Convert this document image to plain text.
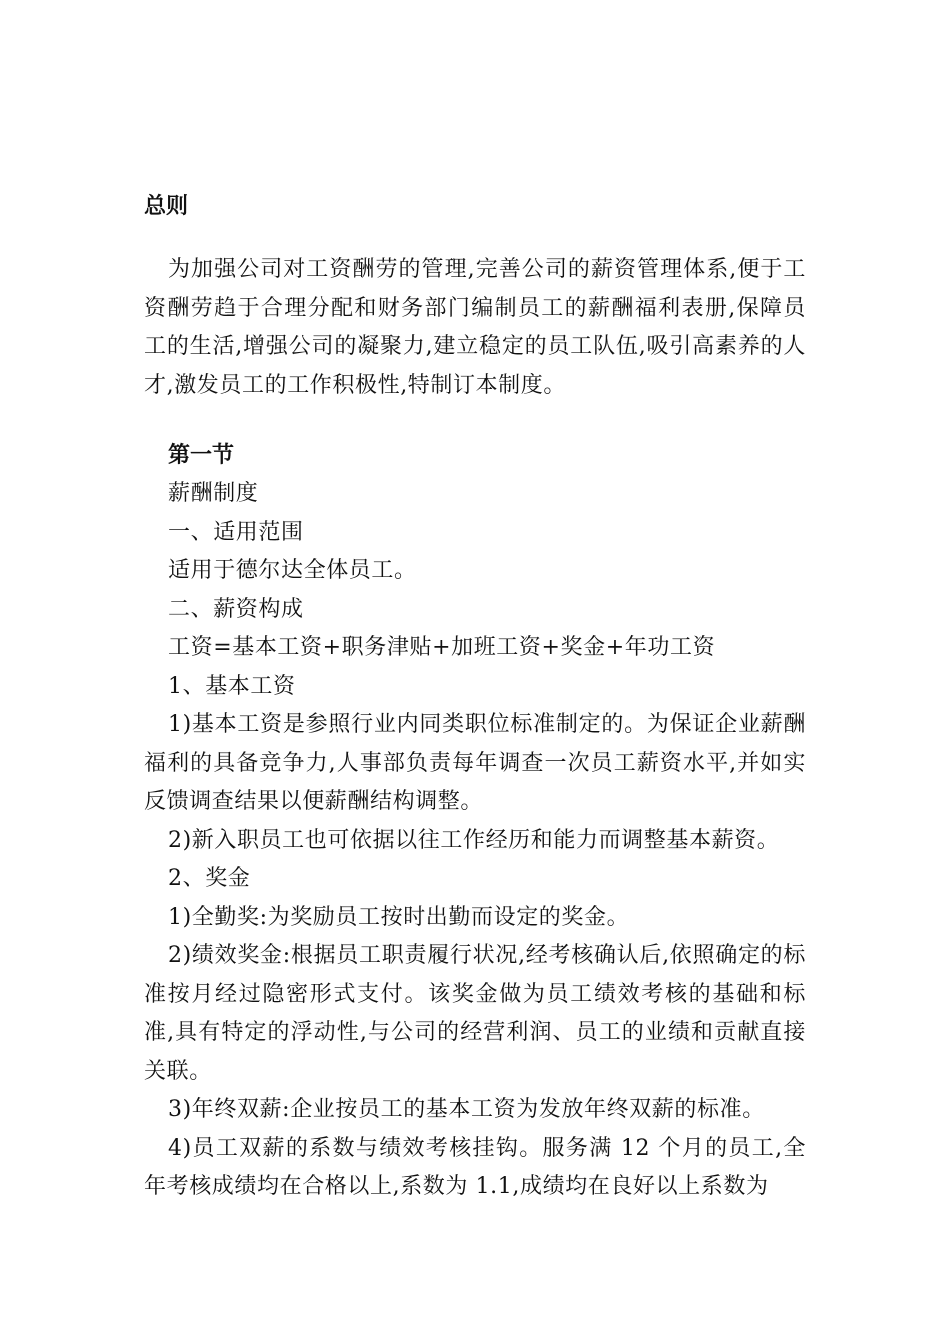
总则

为加强公司对工资酬劳的管理,完善公司的薪资管理体系,便于工资酬劳趋于合理分配和财务部门编制员工的薪酬福利表册,保障员工的生活,增强公司的凝聚力,建立稳定的员工队伍,吸引高素养的人才,激发员工的工作积极性,特制订本制度。

第一节

薪酬制度

一、适用范围

适用于德尔达全体员工。

二、薪资构成

工资=基本工资+职务津贴+加班工资+奖金+年功工资

1、基本工资

1)基本工资是参照行业内同类职位标准制定的。为保证企业薪酬福利的具备竞争力,人事部负责每年调查一次员工薪资水平,并如实反馈调查结果以便薪酬结构调整。

2)新入职员工也可依据以往工作经历和能力而调整基本薪资。

2、奖金

1)全勤奖:为奖励员工按时出勤而设定的奖金。

2)绩效奖金:根据员工职责履行状况,经考核确认后,依照确定的标准按月经过隐密形式支付。该奖金做为员工绩效考核的基础和标准,具有特定的浮动性,与公司的经营利润、员工的业绩和贡献直接关联。

3)年终双薪:企业按员工的基本工资为发放年终双薪的标准。

4)员工双薪的系数与绩效考核挂钩。服务满 12 个月的员工,全年考核成绩均在合格以上,系数为 1.1,成绩均在良好以上系数为
